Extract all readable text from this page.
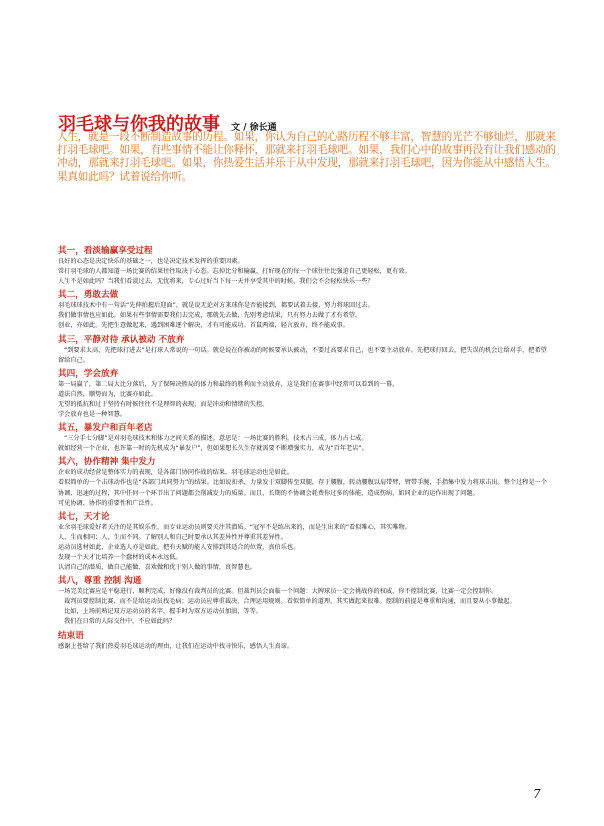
羽毛球与你我的故事 文 / 徐长通
人生，就是一段不断制造故事的历程。如果，你认为自己的心路历程不够丰富，智慧的光芒不够灿烂，那就来打羽毛球吧。如果，有些事情不能让你释怀，那就来打羽毛球吧。如果，我们心中的故事再没有让我们感动的冲动，那就来打羽毛球吧。如果，你热爱生活并乐于从中发现，那就来打羽毛球吧，因为你能从中感悟人生。果真如此吗？试着说给你听。
其一，看淡输赢享受过程

良好的心态是决定快乐的基础之一，也是决定技术发挥的重要因素。

常打羽毛球的人都知道一场比赛的结果往往取决于心态。忘掉比分和输赢，打好现在的每一个球往往比强迫自己更轻松，更有效。

人生不是如此吗？当我们看淡过去，无忧将来，专心过好当下每一天并享受其中的时候，我们会不会轻松快乐一些？

其二，勇敢去做

羽毛球球技术中有一句话“先伸拍握后迎面”。就是说无论对方来球你是否能接到，都要试着去接，努力将球回过去。

我们做事情也应如此。如果有些事情需要我们去完成，那就先去做，先别考虑结果，只有努力去做了才有希望。

创业，亦如此。先把生意做起来，遇到困难逐个解决，才有可能成功。首鼠两端，轻言放弃，终不能成事。

其三，平静对待 承认被动 不放弃

“到要求太高，先把球打进去”是打球人常说的一句话。就是说在你被动的时候要承认被动，不要过高要求自己，也不要主动放弃。先把球打回去，把失误的机会让给对手，把希望留给自己。

其四，学会放弃

第一局赢了，第二局大比分落后，为了保障决胜局的体力和最终的胜利而主动放弃，这是我们在赛事中经常可以看到的一幕。

道法自然，顺势而为，比赛亦如此。

无望的抵抗和过于坚持有时候往往不是理智的表现，而是冲动和情绪的失控。

学会放弃也是一种智慧。

其五，暴发户和百年老店

“三分手七分脚”是对羽毛球技术和体力之间关系的描述。意思是：一场比赛的胜利，技术占三成，体力占七成。

就如经营一个企业，也许靠一时的先机成为“暴发户”，但如果想长久生存就需要不断增强实力，成为“百年老店”。

其六，协作精神 集中发力

企业的成功经营是整体实力的表现，是各部门协同作战的结果，羽毛球运动也是如此。

看似简单的一个击球动作也是“各部门共同努力”的结果。比如说扣杀，力量发于双脚传至双腿，存于腰腹，转动腰腹以肩带臂，臂带手腕，手指集中发力将球击出。整个过程是一个协调、迅速的过程，其中任何一个环节出了问题都会削减发力的质量。而且，长期的不协调会耗费你过多的体能，造成伤病，如同企业的运作出现了问题。

可见协调、协作的重要性和广泛性。

其七，天才论

业余羽毛球爱好者关注的是其娱乐性，而专业运动员则要关注其潜质。“冠军不是练出来的，而是生出来的”看似唯心，其实唯物。

人，生而相同；人，生而不同。了解别人和自己时要承认其差异性并尊重其差异性。

运动员选材如此，企业选人亦是如此。把有天赋的能人安排到其适合的位置，真伯乐也。

发现一个天才比培养一个蠢材的成本永远低。

认清自己的潜质，做自己能做、喜欢做和优于别人做的事情，真智慧也。

其八，尊重 控制 沟通

一场完美比赛应是平稳进行，顺利完成，好像没有裁判员的比赛。但裁判员会面临一个问题：大牌球员一定会挑战你的权威，你不控制比赛，比赛一定会控制你。

裁判员要控制比赛，而不是给运动员找毛病；运动员应尊重裁决，合理运用规则。看似简单的道理，其实做起来很难。控制的前提是尊重和沟通，而且要从小事做起。

比如，上场前熟记双方运动员的名字，握手时为双方运动员加油，等等。

我们在日常的人际交往中，不应如此吗？

结束语

感谢上苍给了我们热爱羽毛球运动的理由，让我们在运动中找寻快乐，感悟人生真谛。

7
